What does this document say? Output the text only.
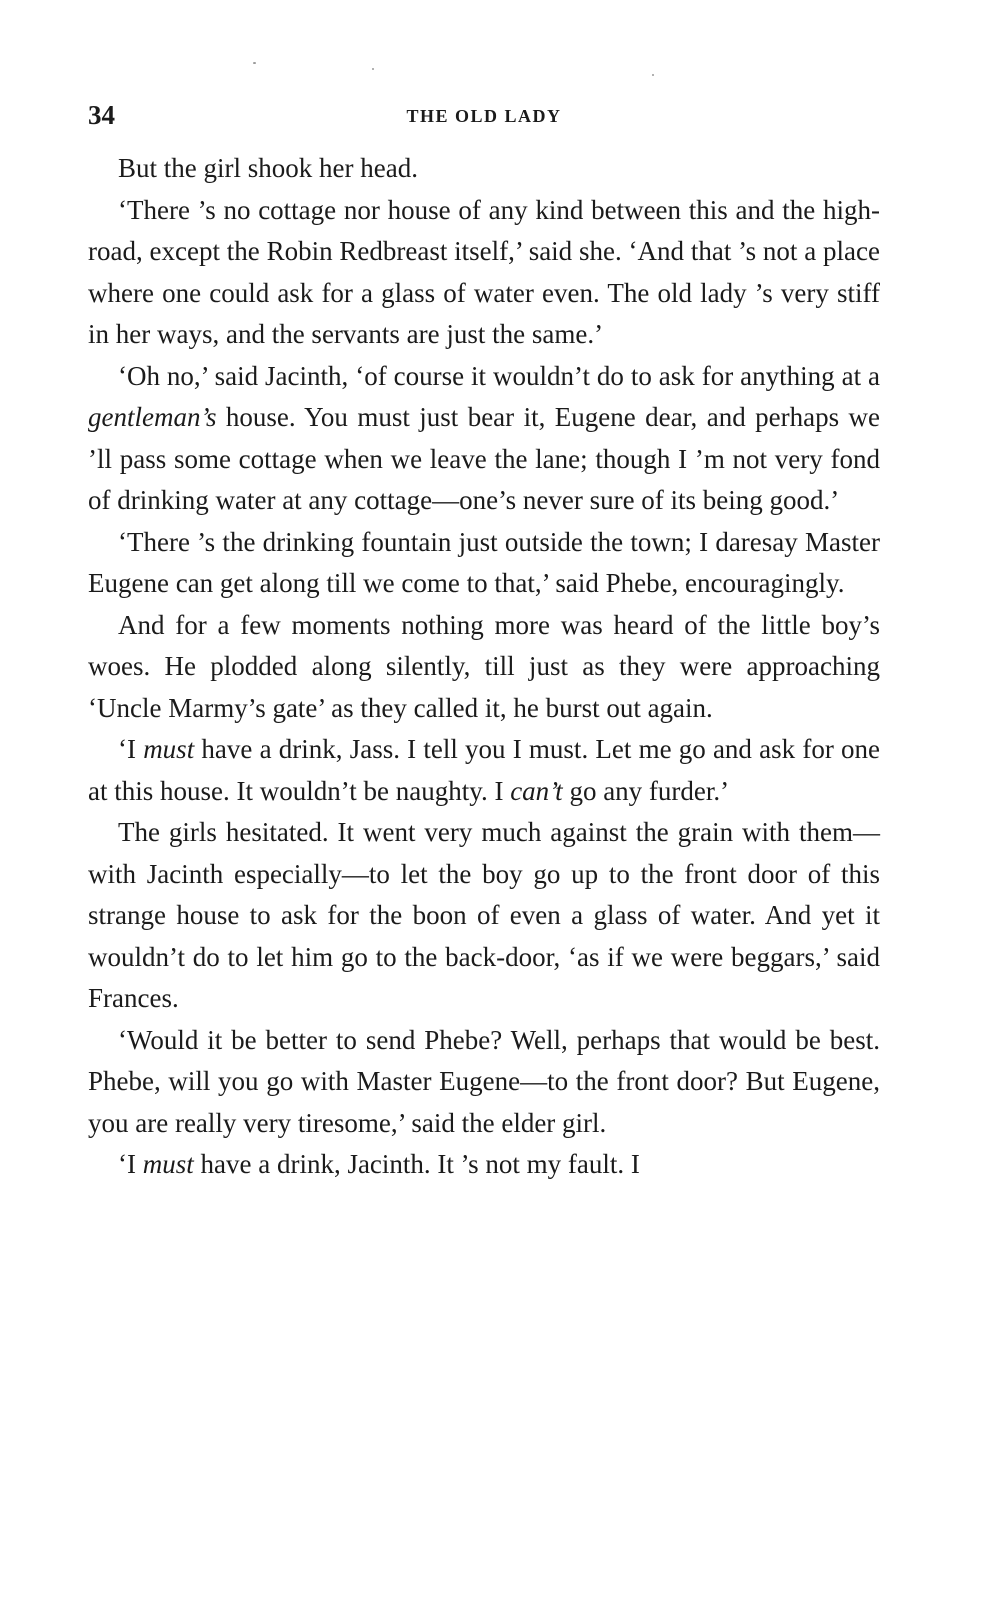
34	THE OLD LADY

But the girl shook her head.

‘There ’s no cottage nor house of any kind between this and the high-road, except the Robin Redbreast itself,’ said she. ‘And that ’s not a place where one could ask for a glass of water even. The old lady ’s very stiff in her ways, and the servants are just the same.’

‘Oh no,’ said Jacinth, ‘of course it wouldn’t do to ask for anything at a gentleman’s house. You must just bear it, Eugene dear, and perhaps we ’ll pass some cottage when we leave the lane; though I ’m not very fond of drinking water at any cottage—one’s never sure of its being good.’

‘There ’s the drinking fountain just outside the town; I daresay Master Eugene can get along till we come to that,’ said Phebe, encouragingly.

And for a few moments nothing more was heard of the little boy’s woes. He plodded along silently, till just as they were approaching ‘Uncle Marmy’s gate’ as they called it, he burst out again.

‘I must have a drink, Jass. I tell you I must. Let me go and ask for one at this house. It wouldn’t be naughty. I can’t go any furder.’

The girls hesitated. It went very much against the grain with them—with Jacinth especially—to let the boy go up to the front door of this strange house to ask for the boon of even a glass of water. And yet it wouldn’t do to let him go to the back-door, ‘as if we were beggars,’ said Frances.

‘Would it be better to send Phebe? Well, perhaps that would be best. Phebe, will you go with Master Eugene—to the front door? But Eugene, you are really very tiresome,’ said the elder girl.

‘I must have a drink, Jacinth. It ’s not my fault. I
